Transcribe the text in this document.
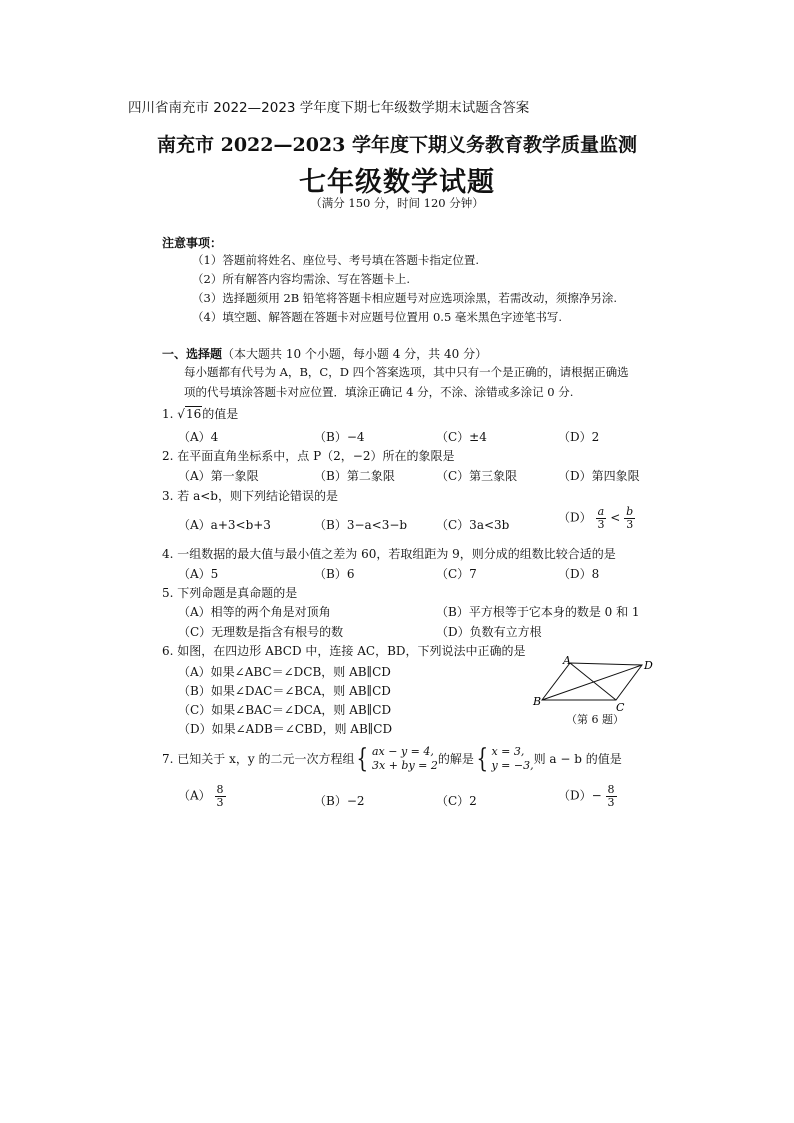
四川省南充市 2022—2023 学年度下期七年级数学期末试题含答案
南充市 2022—2023 学年度下期义务教育教学质量监测
七年级数学试题
（满分 150 分，时间 120 分钟）
注意事项：
（1）答题前将姓名、座位号、考号填在答题卡指定位置.
（2）所有解答内容均需涂、写在答题卡上.
（3）选择题须用 2B 铅笔将答题卡相应题号对应选项涂黑，若需改动，须擦净另涂.
（4）填空题、解答题在答题卡对应题号位置用 0.5 毫米黑色字迹笔书写.
一、选择题（本大题共 10 个小题，每小题 4 分，共 40 分）
每小题都有代号为 A，B，C，D 四个答案选项，其中只有一个是正确的，请根据正确选
项的代号填涂答题卡对应位置．填涂正确记 4 分，不涂、涂错或多涂记 0 分.
1. √16的值是
（A）4	（B）−4	（C）±4	（D）2
2. 在平面直角坐标系中，点 P（2，−2）所在的象限是
（A）第一象限	（B）第二象限	（C）第三象限	（D）第四象限
3. 若 a<b，则下列结论错误的是
（A）a+3<b+3	（B）3−a<3−b （C）3a<3b
$(D) \frac{a}{3} < \frac{b}{3}$
4. 一组数据的最大值与最小值之差为 60，若取组距为 9，则分成的组数比较合适的是
（A）5	（B）6	（C）7	（D）8
5. 下列命题是真命题的是
（A）相等的两个角是对顶角	（B）平方根等于它本身的数是 0 和 1
（C）无理数是指含有根号的数	（D）负数有立方根
6. 如图，在四边形 ABCD 中，连接 AC，BD，下列说法中正确的是
（A）如果∠ABC＝∠DCB，则 AB∥CD
（B）如果∠DAC＝∠BCA，则 AB∥CD
（C）如果∠BAC＝∠DCA，则 AB∥CD
（D）如果∠ADB＝∠CBD，则 AB∥CD
A	D
B	C
（第 6 题）
7. 已知关于 x，y 的二元一次方程组 { ax − y = 4,
3x + by = 2 的解是 { x = 3,
y = −3, 则 a − b 的值是
$(A) \frac{8}{3}$	（B）−2	（C）2	$(D)- \frac{8}{3}$
